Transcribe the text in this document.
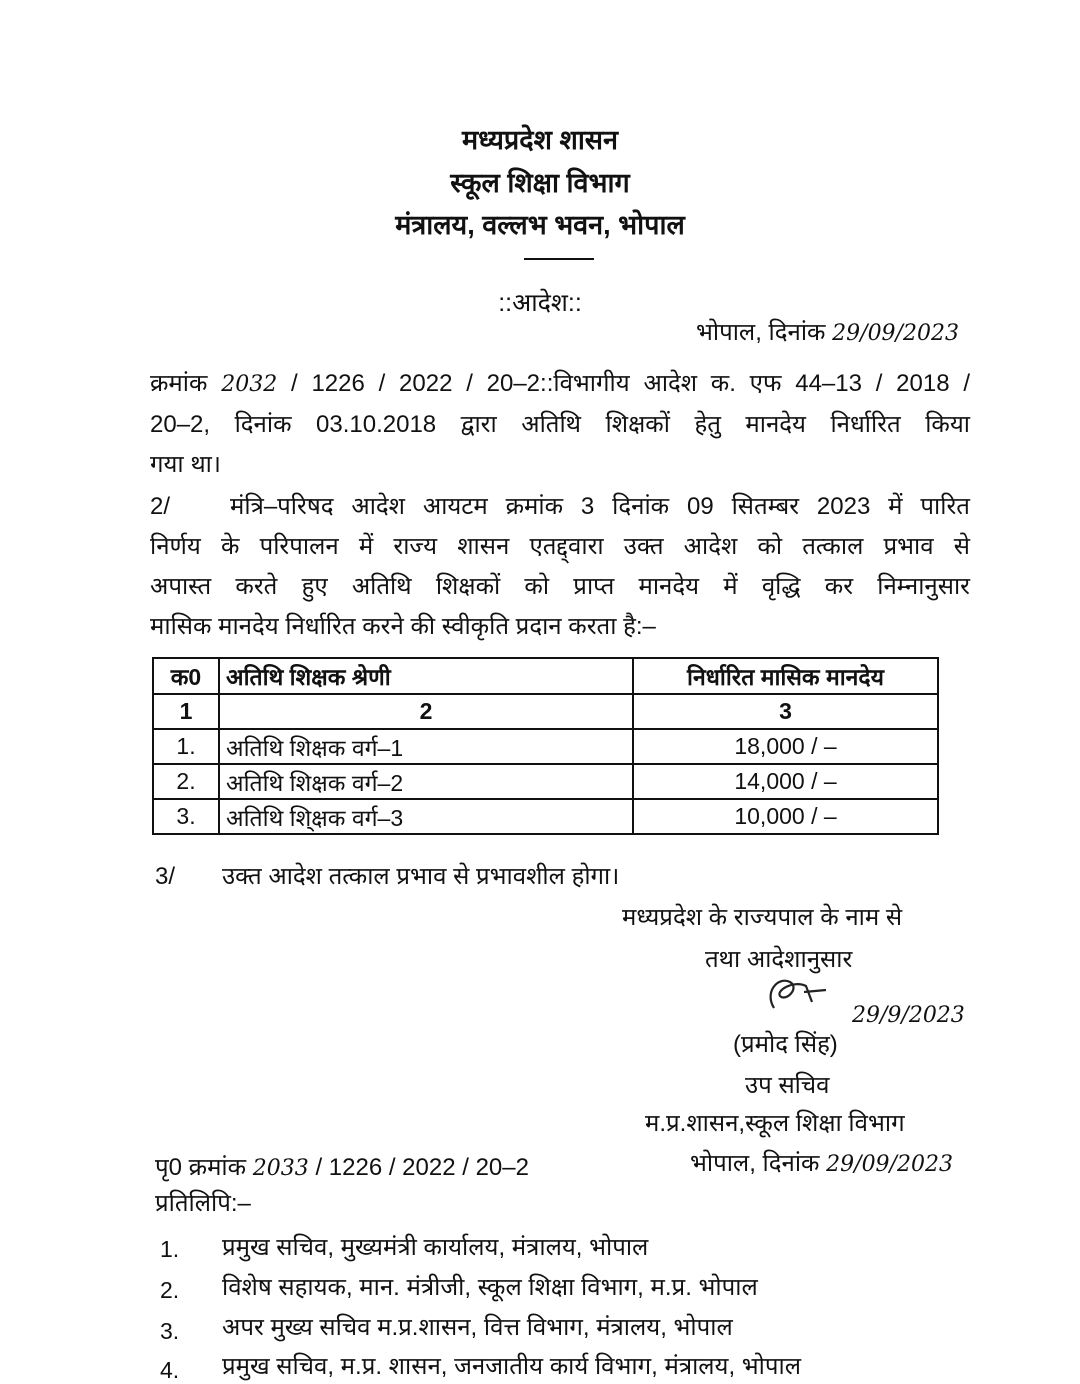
मध्यप्रदेश शासन
स्कूल शिक्षा विभाग
मंत्रालय, वल्लभ भवन, भोपाल
::आदेश::
भोपाल, दिनांक 29/09/2023
क्रमांक 2032 / 1226 / 2022 / 20–2::विभागीय आदेश क. एफ 44–13 / 2018 /
20–2, दिनांक 03.10.2018 द्वारा अतिथि शिक्षकों हेतु मानदेय निर्धारित किया
गया था।
2/ मंत्रि–परिषद आदेश आयटम क्रमांक 3 दिनांक 09 सितम्बर 2023 में पारित
निर्णय के परिपालन में राज्य शासन एतद्द्वारा उक्त आदेश को तत्काल प्रभाव से
अपास्त करते हुए अतिथि शिक्षकों को प्राप्त मानदेय में वृद्धि कर निम्नानुसार
मासिक मानदेय निर्धारित करने की स्वीकृति प्रदान करता है:–
क0	अतिथि शिक्षक श्रेणी	निर्धारित मासिक मानदेय
1	2	3
1.	अतिथि शिक्षक वर्ग–1	18,000 / –
2.	अतिथि शिक्षक वर्ग–2	14,000 / –
3.	अतिथि शि्क्षक वर्ग–3	10,000 / –
3/ उक्त आदेश तत्काल प्रभाव से प्रभावशील होगा।
मध्यप्रदेश के राज्यपाल के नाम से
तथा आदेशानुसार
29/9/2023
(प्रमोद सिंह)
उप सचिव
म.प्र.शासन,स्कूल शिक्षा विभाग
पृ0 क्रमांक 2033 / 1226 / 2022 / 20–2	भोपाल, दिनांक 29/09/2023
प्रतिलिपि:–
1. प्रमुख सचिव, मुख्यमंत्री कार्यालय, मंत्रालय, भोपाल
2. विशेष सहायक, मान. मंत्रीजी, स्कूल शिक्षा विभाग, म.प्र. भोपाल
3. अपर मुख्य सचिव म.प्र.शासन, वित्त विभाग, मंत्रालय, भोपाल
4. प्रमुख सचिव, म.प्र. शासन, जनजातीय कार्य विभाग, मंत्रालय, भोपाल
